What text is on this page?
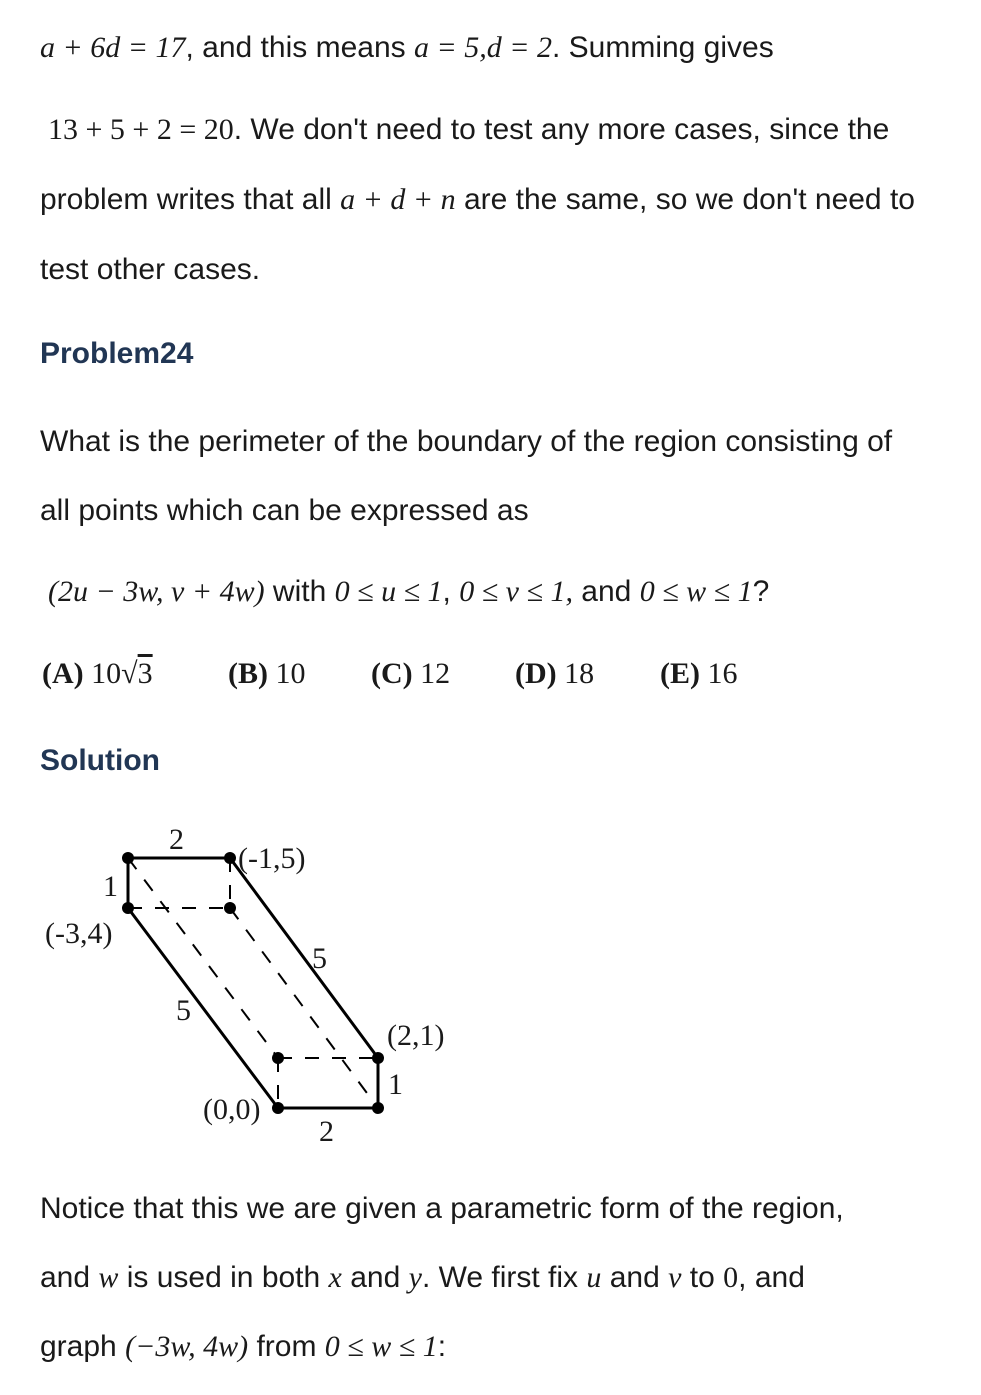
a + 6d = 17, and this means a = 5,d = 2. Summing gives
13 + 5 + 2 = 20. We don't need to test any more cases, since the
problem writes that all a + d + n are the same, so we don't need to
test other cases.
Problem24
What is the perimeter of the boundary of the region consisting of
all points which can be expressed as
(2u − 3w, v + 4w) with 0 ≤ u ≤ 1, 0 ≤ v ≤ 1, and 0 ≤ w ≤ 1?
(A) 10√3	(B) 10 (C) 12 (D) 18 (E) 16
Solution
2
1
5
5
1
2
(-1,5)
(-3,4)
(2,1)
(0,0)
Notice that this we are given a parametric form of the region,
and w is used in both x and y. We first fix u and v to 0, and
graph (−3w, 4w) from 0 ≤ w ≤ 1:
